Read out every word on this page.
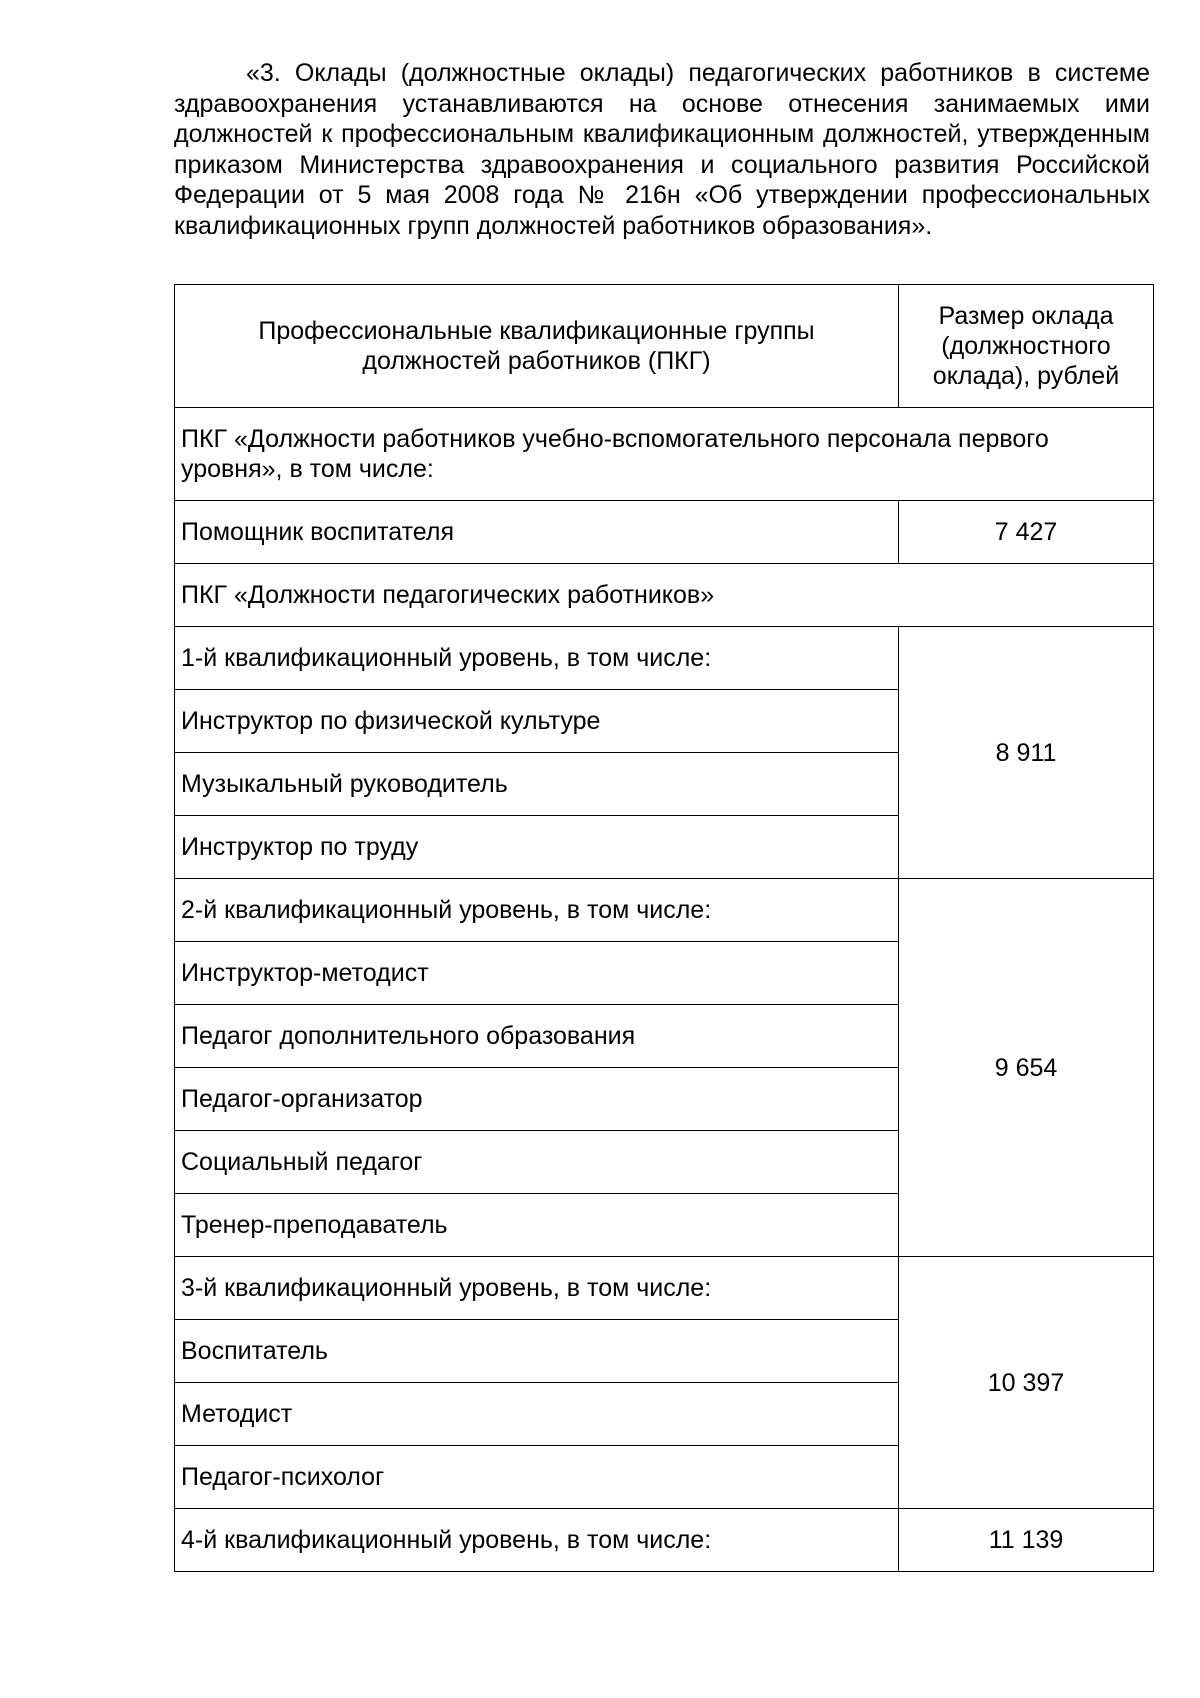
«3. Оклады (должностные оклады) педагогических работников в системе здравоохранения устанавливаются на основе отнесения занимаемых ими должностей к профессиональным квалификационным должностей, утвержденным приказом Министерства здравоохранения и социального развития Российской Федерации от 5 мая 2008 года № 216н «Об утверждении профессиональных квалификационных групп должностей работников образования».

Профессиональные квалификационные группы должностей работников (ПКГ)	Размер оклада (должностного оклада), рублей
ПКГ «Должности работников учебно-вспомогательного персонала первого уровня», в том числе:	
Помощник воспитателя	7 427
ПКГ «Должности педагогических работников»	
1-й квалификационный уровень, в том числе:	8 911
Инструктор по физической культуре	
Музыкальный руководитель	
Инструктор по труду	
2-й квалификационный уровень, в том числе:	9 654
Инструктор-методист	
Педагог дополнительного образования	
Педагог-организатор	
Социальный педагог	
Тренер-преподаватель	
3-й квалификационный уровень, в том числе:	10 397
Воспитатель	
Методист	
Педагог-психолог	
4-й квалификационный уровень, в том числе:	11 139
